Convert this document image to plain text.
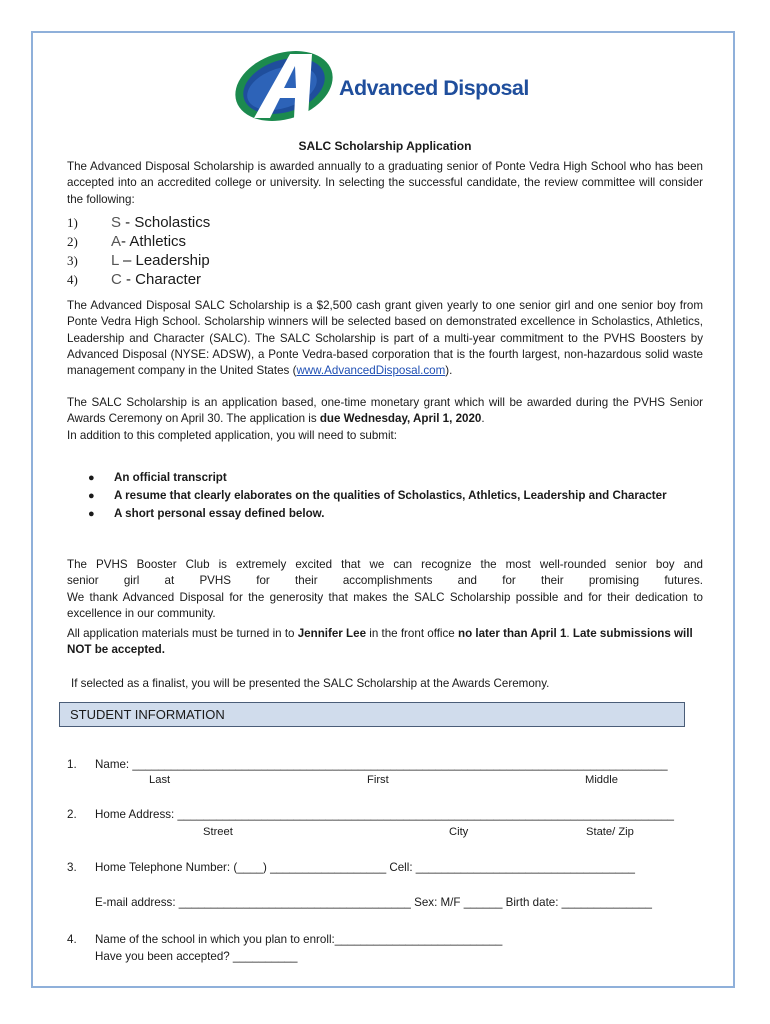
Advanced Disposal
SALC Scholarship Application

The Advanced Disposal Scholarship is awarded annually to a graduating senior of Ponte Vedra High School who has been accepted into an accredited college or university. In selecting the successful candidate, the review committee will consider the following:

1) S - Scholastics
2) A- Athletics
3) L – Leadership
4) C - Character

The Advanced Disposal SALC Scholarship is a $2,500 cash grant given yearly to one senior girl and one senior boy from Ponte Vedra High School. Scholarship winners will be selected based on demonstrated excellence in Scholastics, Athletics, Leadership and Character (SALC). The SALC Scholarship is part of a multi-year commitment to the PVHS Boosters by Advanced Disposal (NYSE: ADSW), a Ponte Vedra-based corporation that is the fourth largest, non-hazardous solid waste management company in the United States (www.AdvancedDisposal.com).

The SALC Scholarship is an application based, one-time monetary grant which will be awarded during the PVHS Senior Awards Ceremony on April 30. The application is due Wednesday, April 1, 2020.
In addition to this completed application, you will need to submit:

● An official transcript
● A resume that clearly elaborates on the qualities of Scholastics, Athletics, Leadership and Character
● A short personal essay defined below.

The PVHS Booster Club is extremely excited that we can recognize the most well-rounded senior boy and
senior girl at PVHS for their accomplishments and for their promising futures.
We thank Advanced Disposal for the generosity that makes the SALC Scholarship possible and for their dedication to excellence in our community.

All application materials must be turned in to Jennifer Lee in the front office no later than April 1. Late submissions will NOT be accepted.

If selected as a finalist, you will be presented the SALC Scholarship at the Awards Ceremony.

STUDENT INFORMATION
1. Name: ___________________________________________________________________________________
Last	First	Middle
2. Home Address: _____________________________________________________________________________
Street	City	State/ Zip
3. Home Telephone Number: (____) __________________ Cell: __________________________________
E-mail address: ____________________________________ Sex: M/F ______ Birth date: ______________
4. Name of the school in which you plan to enroll:__________________________
Have you been accepted? __________
